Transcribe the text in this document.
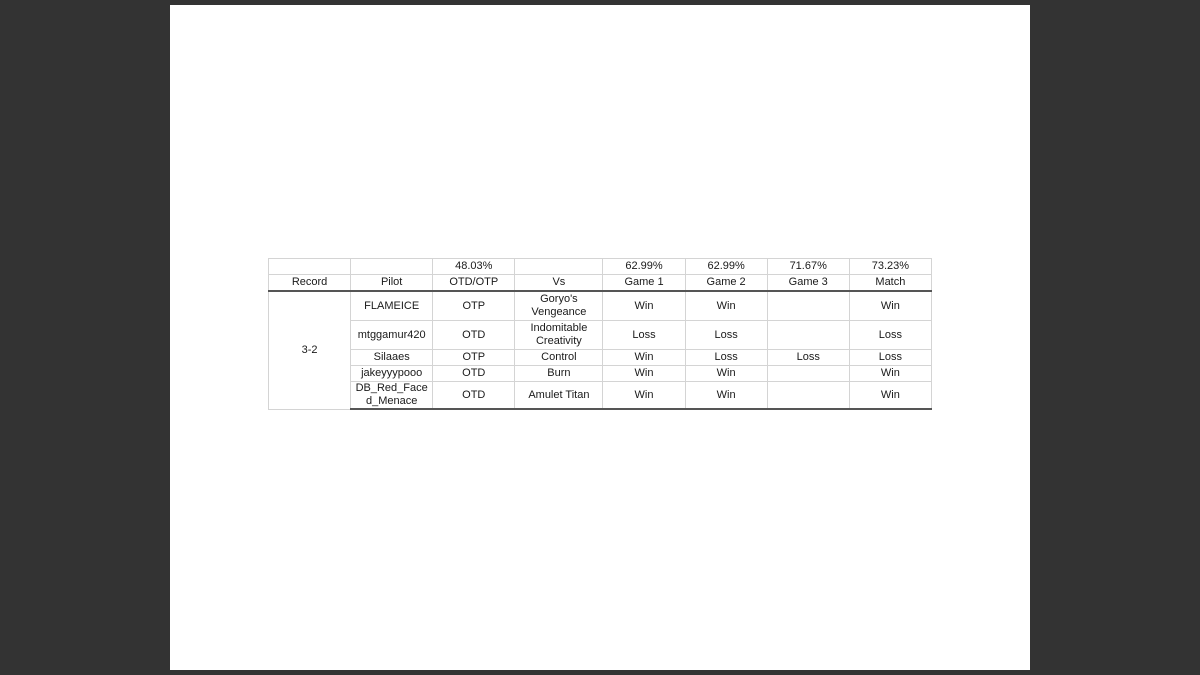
		48.03%		62.99%	62.99%	71.67%	73.23%
Record	Pilot	OTD/OTP	Vs	Game 1	Game 2	Game 3	Match
3-2	FLAMEICE	OTP	Goryo's Vengeance	Win	Win		Win
	mtggamur420	OTD	Indomitable Creativity	Loss	Loss		Loss
	Silaaes	OTP	Control	Win	Loss	Loss	Loss
	jakeyyypooo	OTD	Burn	Win	Win		Win
	DB_Red_Faced_Menace	OTD	Amulet Titan	Win	Win		Win
